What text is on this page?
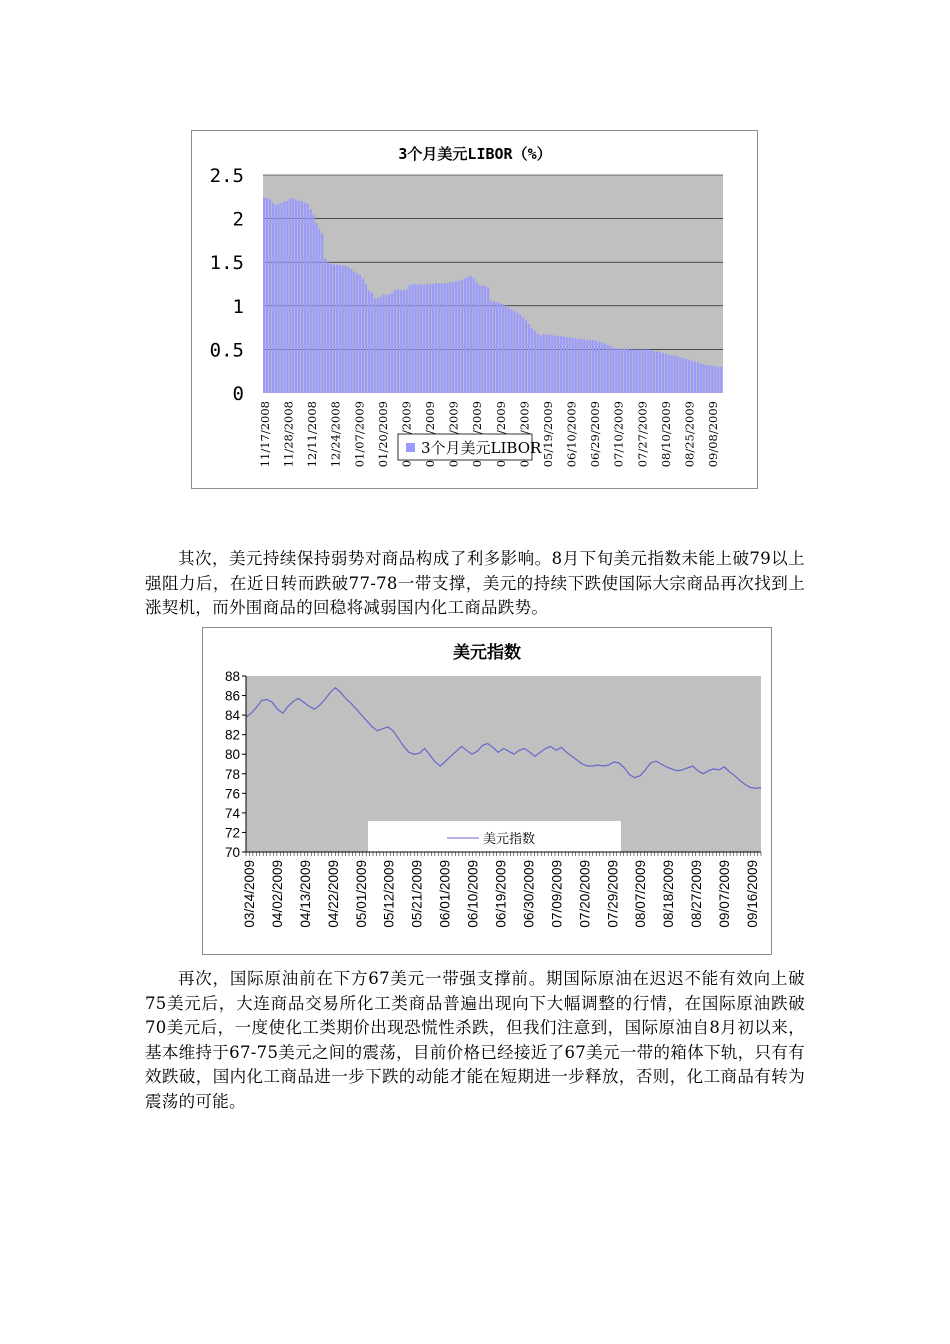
3个月美元LIBOR（%）
0
0.5
1
1.5
2
2.5
11/17/2008 11/28/2008 12/11/2008 12/24/2008 01/07/2009 01/20/2009	05/19/2009 06/10/2009 06/29/2009 07/10/2009 07/27/2009 08/10/2009 08/25/2009 09/08/2009
3个月美元LIBOR

其次，美元持续保持弱势对商品构成了利多影响。8月下旬美元指数未能上破79以上强阻力后，在近日转而跌破77-78一带支撑，美元的持续下跌使国际大宗商品再次找到上涨契机，而外围商品的回稳将减弱国内化工商品跌势。

美元指数
美元指数
70
72
74
76
78
80
82
84
86
88
03/24/2009 04/02/2009 04/13/2009 04/22/2009 05/01/2009 05/12/2009 05/21/2009 06/01/2009 06/10/2009 06/19/2009 06/30/2009 07/09/2009 07/20/2009 07/29/2009 08/07/2009 08/18/2009 08/27/2009 09/07/2009 09/16/2009

再次，国际原油前在下方67美元一带强支撑前。期国际原油在迟迟不能有效向上破75美元后，大连商品交易所化工类商品普遍出现向下大幅调整的行情，在国际原油跌破70美元后，一度使化工类期价出现恐慌性杀跌，但我们注意到，国际原油自8月初以来，基本维持于67-75美元之间的震荡，目前价格已经接近了67美元一带的箱体下轨，只有有效跌破，国内化工商品进一步下跌的动能才能在短期进一步释放，否则，化工商品有转为震荡的可能。
